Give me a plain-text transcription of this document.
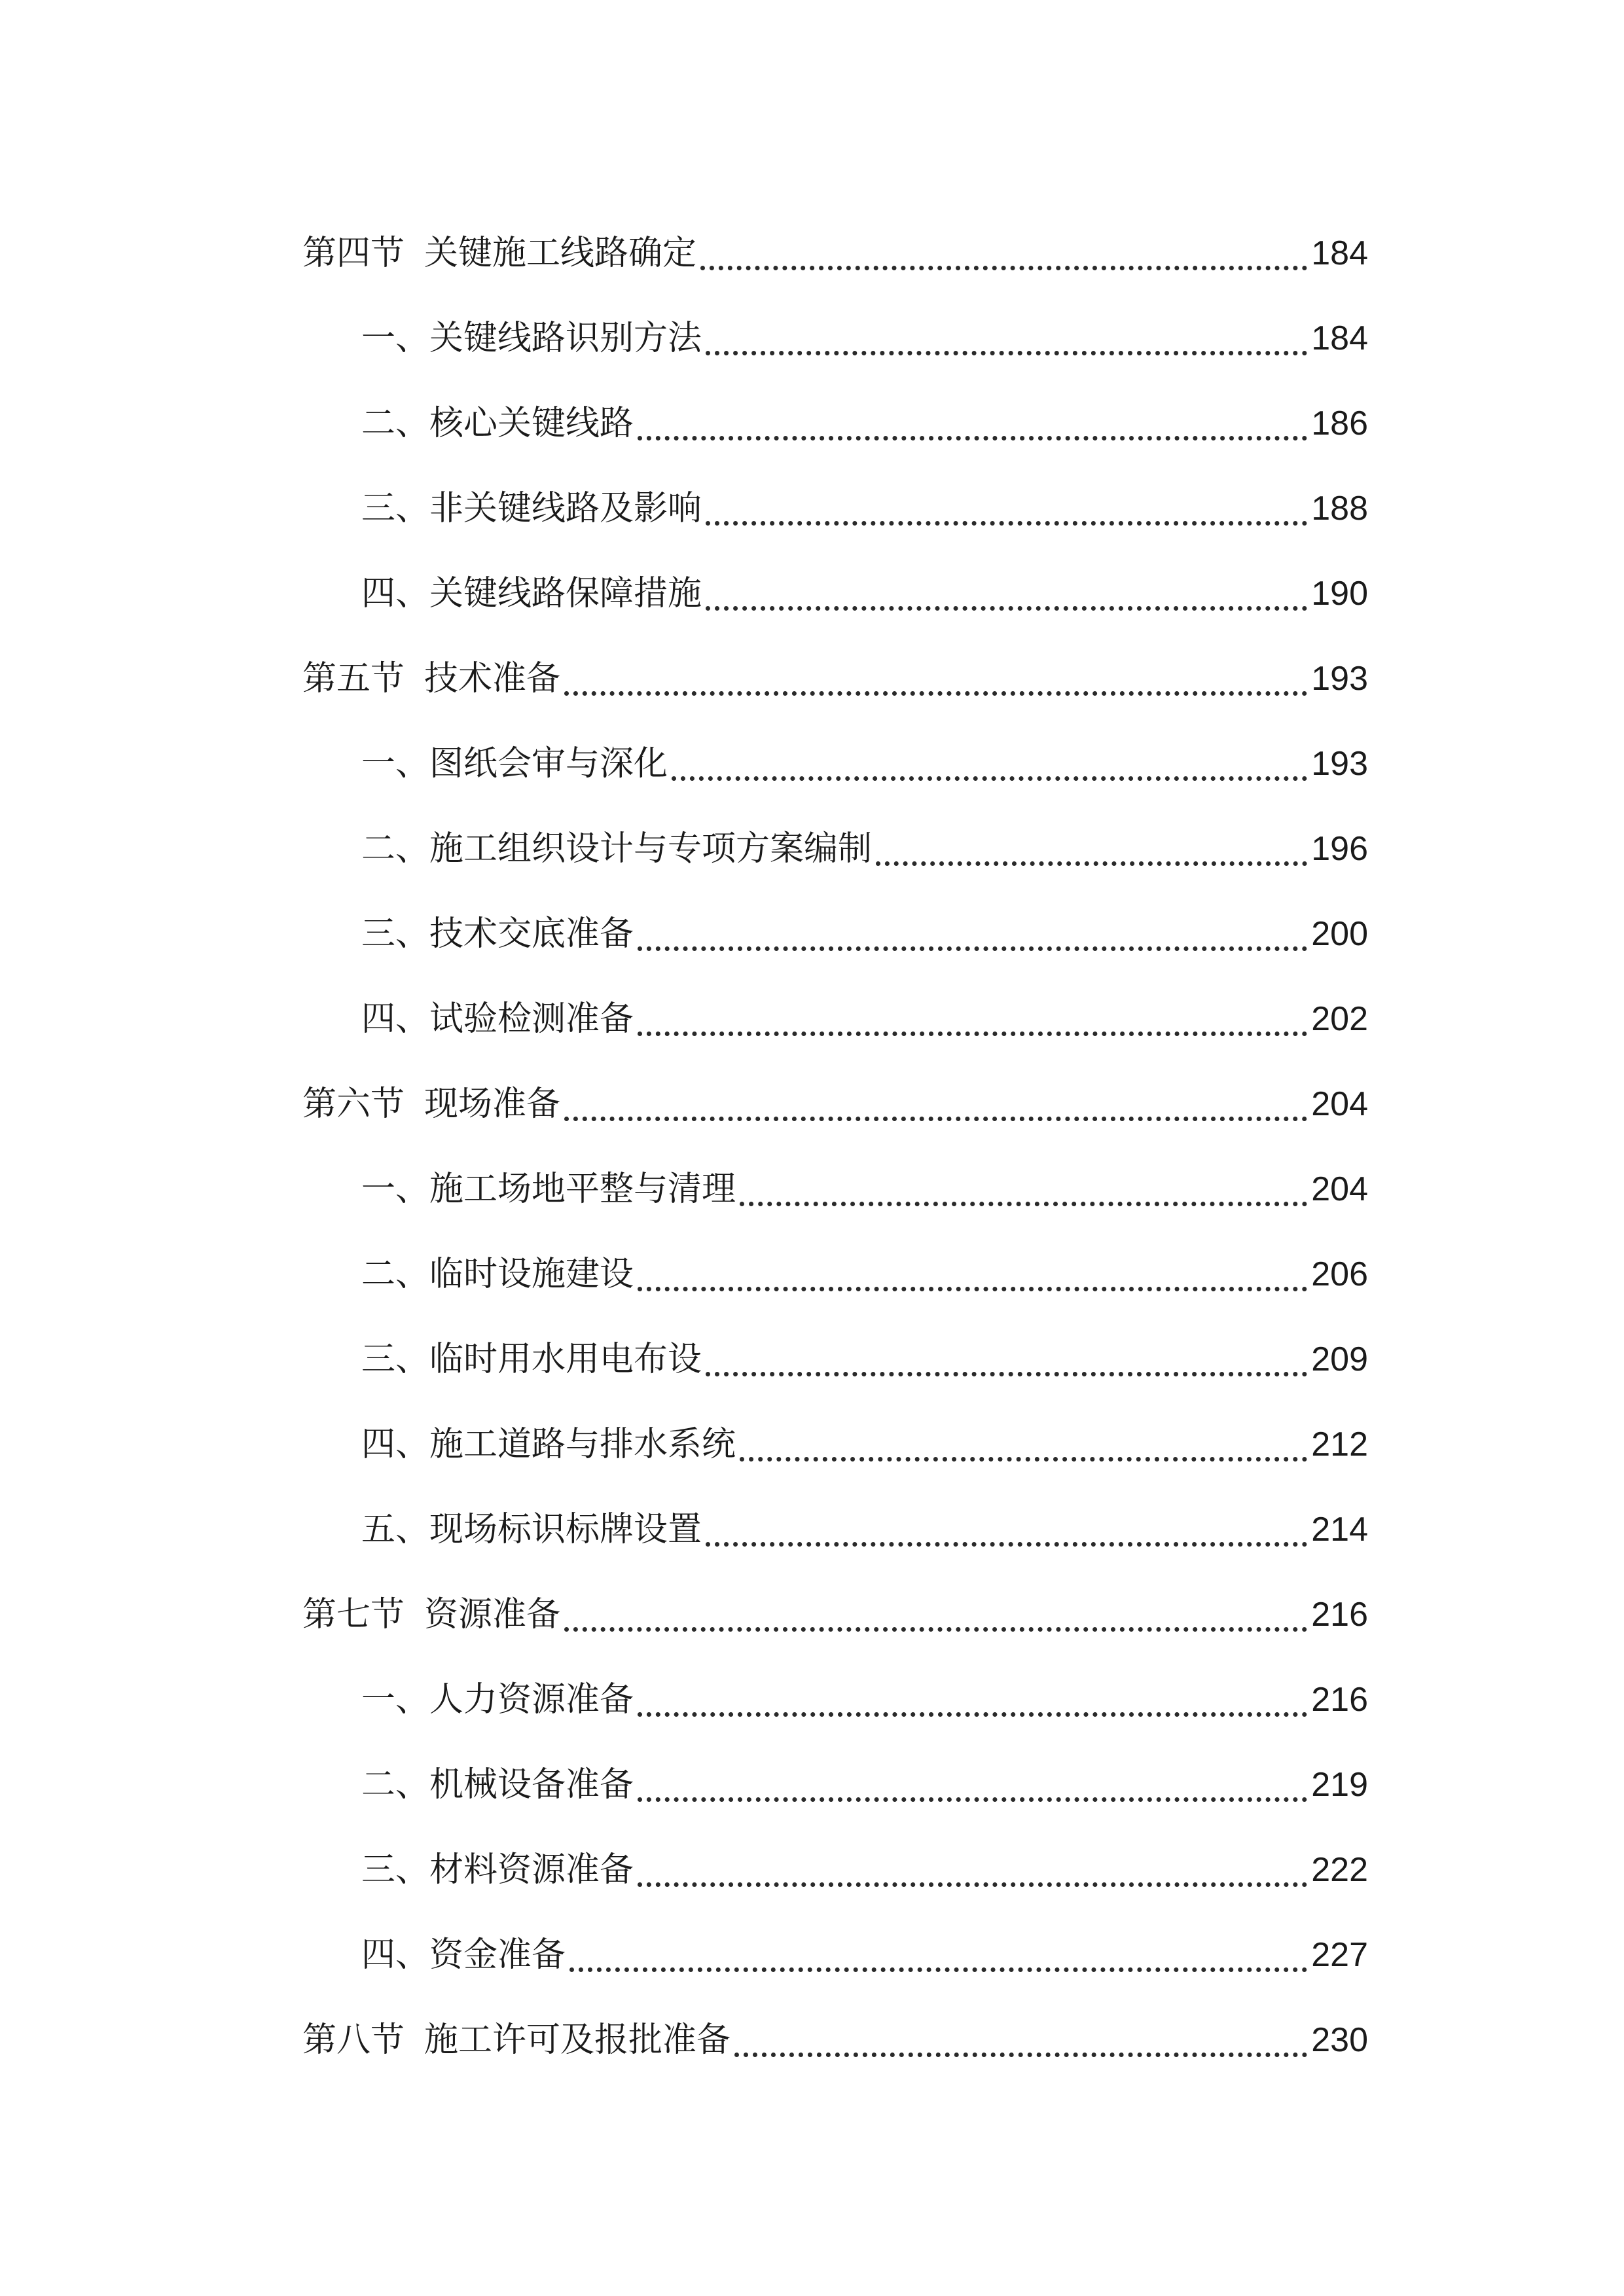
第四节 关键施工线路确定	184
一、 关键线路识别方法	184
二、 核心关键线路	186
三、 非关键线路及影响	188
四、 关键线路保障措施	190
第五节 技术准备	193
一、 图纸会审与深化	193
二、 施工组织设计与专项方案编制	196
三、 技术交底准备	200
四、 试验检测准备	202
第六节 现场准备	204
一、 施工场地平整与清理	204
二、 临时设施建设	206
三、 临时用水用电布设	209
四、 施工道路与排水系统	212
五、 现场标识标牌设置	214
第七节 资源准备	216
一、 人力资源准备	216
二、 机械设备准备	219
三、 材料资源准备	222
四、 资金准备	227
第八节 施工许可及报批准备	230
